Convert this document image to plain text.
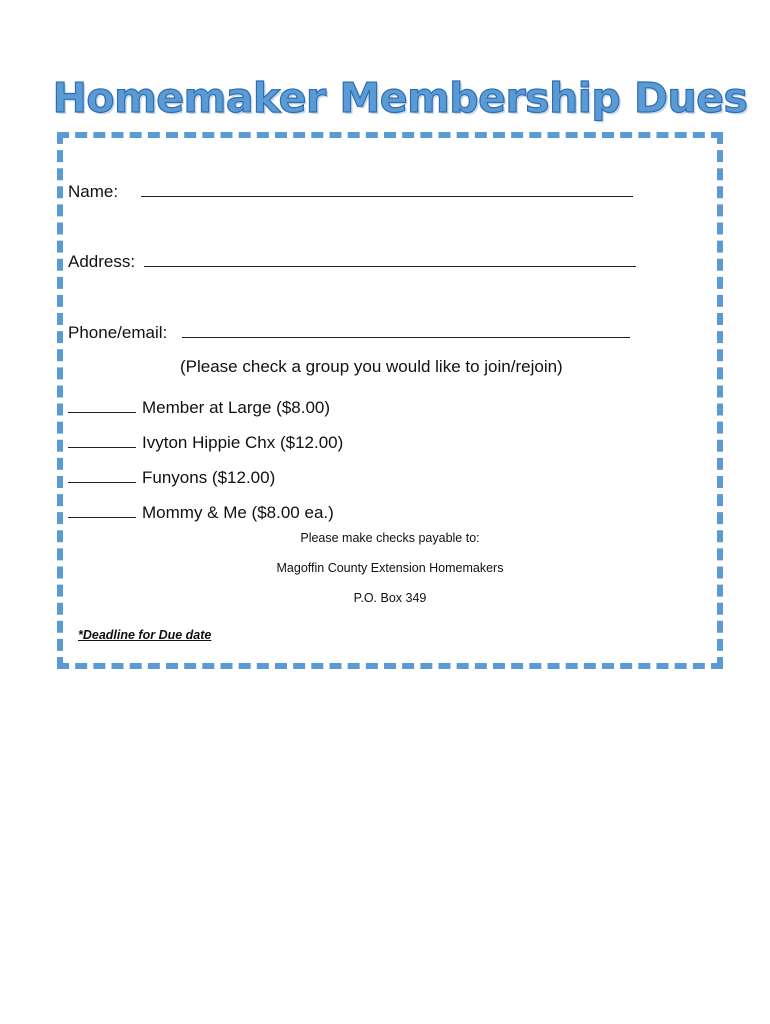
Homemaker Membership Dues
Name:
Address:
Phone/email:
(Please check a group you would like to join/rejoin)
Member at Large ($8.00)
Ivyton Hippie Chx ($12.00)
Funyons ($12.00)
Mommy & Me ($8.00 ea.)
Please make checks payable to:
Magoffin County Extension Homemakers
P.O. Box 349
*Deadline for Due date
